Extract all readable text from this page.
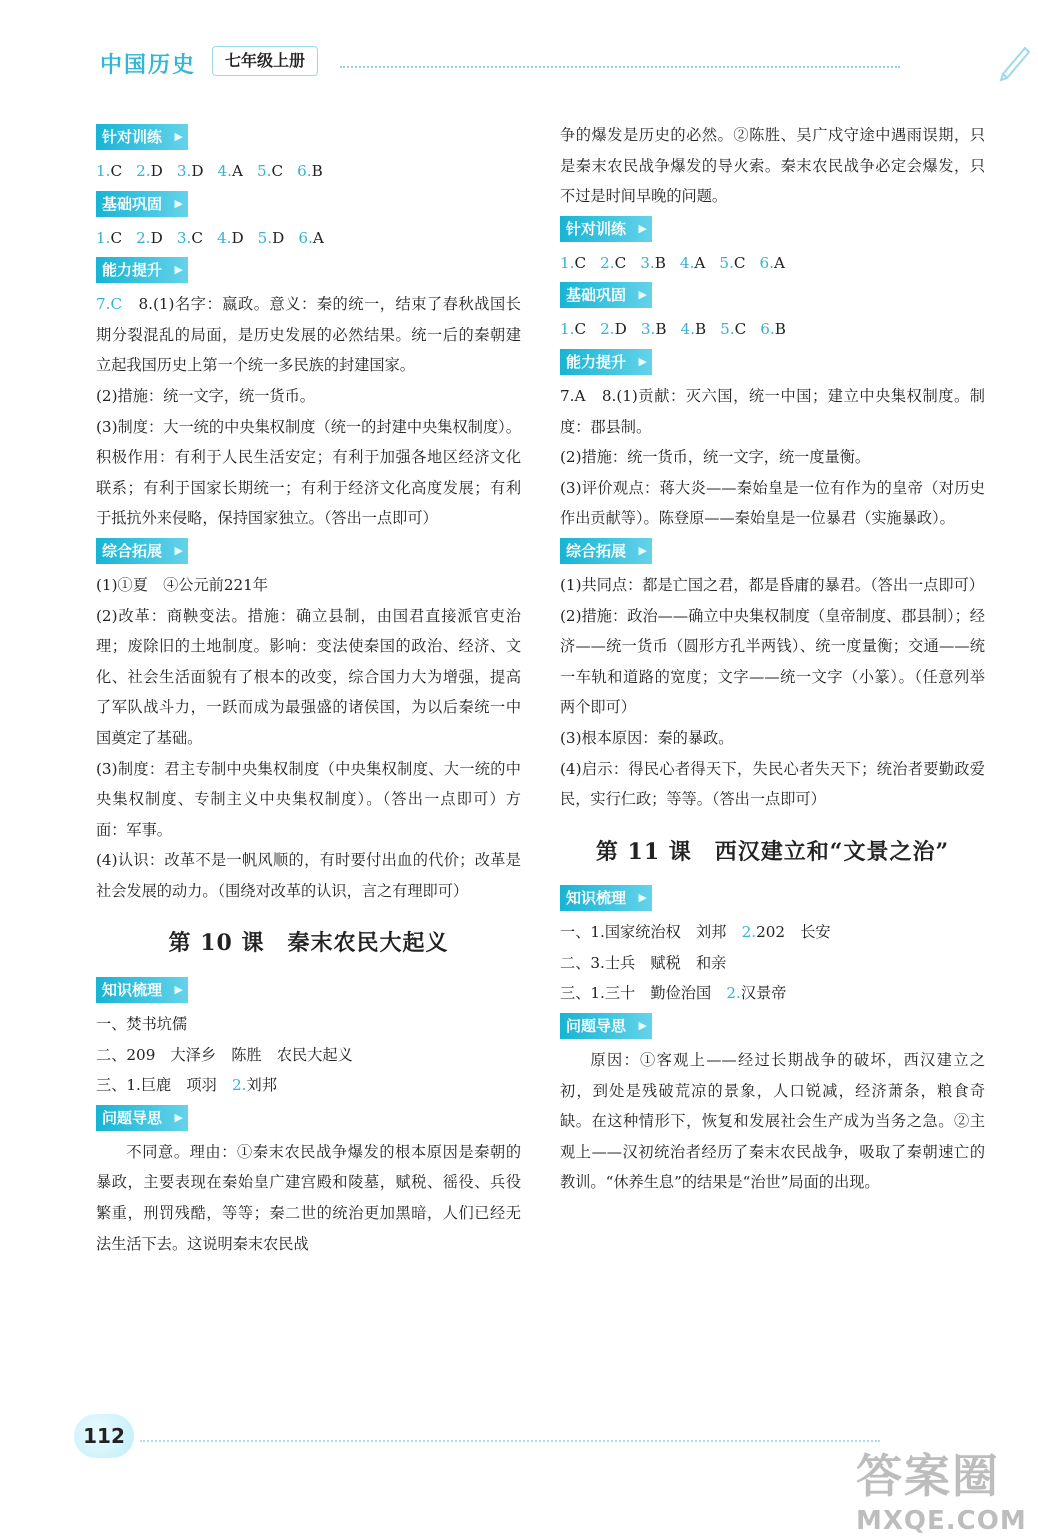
中国历史	七年级上册
针对训练 ▶
1.C 2.D 3.D 4.A 5.C 6.B
基础巩固 ▶
1.C 2.D 3.C 4.D 5.D 6.A
能力提升 ▶
7.C　 8.(1)名字：嬴政。意义：秦的统一，结束了春秋战国长期分裂混乱的局面，是历史发展的必然结果。统一后的秦朝建立起我国历史上第一个统一多民族的封建国家。
(2)措施：统一文字，统一货币。
(3)制度：大一统的中央集权制度（统一的封建中央集权制度）。积极作用：有利于人民生活安定；有利于加强各地区经济文化联系；有利于国家长期统一；有利于经济文化高度发展；有利于抵抗外来侵略，保持国家独立。（答出一点即可）
综合拓展 ▶
(1)①夏　④公元前221年
(2)改革：商鞅变法。措施：确立县制，由国君直接派官吏治理；废除旧的土地制度。影响：变法使秦国的政治、经济、文化、社会生活面貌有了根本的改变，综合国力大为增强，提高了军队战斗力，一跃而成为最强盛的诸侯国，为以后秦统一中国奠定了基础。
(3)制度：君主专制中央集权制度（中央集权制度、大一统的中央集权制度、专制主义中央集权制度）。（答出一点即可）方面：军事。
(4)认识：改革不是一帆风顺的，有时要付出血的代价；改革是社会发展的动力。（围绕对改革的认识，言之有理即可）
第 10 课　秦末农民大起义
知识梳理 ▶
一、焚书坑儒
二、209　大泽乡　陈胜　农民大起义
三、1.巨鹿　项羽　 2.刘邦
问题导思 ▶
不同意。理由：①秦末农民战争爆发的根本原因是秦朝的暴政，主要表现在秦始皇广建宫殿和陵墓，赋税、徭役、兵役繁重，刑罚残酷，等等；秦二世的统治更加黑暗，人们已经无法生活下去。这说明秦末农民战
争的爆发是历史的必然。②陈胜、吴广戍守途中遇雨误期，只是秦末农民战争爆发的导火索。秦末农民战争必定会爆发，只不过是时间早晚的问题。
针对训练 ▶
1.C 2.C 3.B 4.A 5.C 6.A
基础巩固 ▶
1.C 2.D 3.B 4.B 5.C 6.B
能力提升 ▶
7.A　8.(1)贡献：灭六国，统一中国；建立中央集权制度。制度：郡县制。
(2)措施：统一货币，统一文字，统一度量衡。
(3)评价观点：蒋大炎——秦始皇是一位有作为的皇帝（对历史作出贡献等）。陈登原——秦始皇是一位暴君（实施暴政）。
综合拓展 ▶
(1)共同点：都是亡国之君，都是昏庸的暴君。（答出一点即可）
(2)措施：政治——确立中央集权制度（皇帝制度、郡县制）；经济——统一货币（圆形方孔半两钱）、统一度量衡；交通——统一车轨和道路的宽度；文字——统一文字（小篆）。（任意列举两个即可）
(3)根本原因：秦的暴政。
(4)启示：得民心者得天下，失民心者失天下；统治者要勤政爱民，实行仁政；等等。（答出一点即可）
第 11 课　西汉建立和“文景之治”
知识梳理 ▶
一、1.国家统治权　刘邦　 2.202　长安
二、3.士兵　赋税　和亲
三、1.三十　勤俭治国　 2.汉景帝
问题导思 ▶
原因：①客观上——经过长期战争的破坏，西汉建立之初，到处是残破荒凉的景象，人口锐减，经济萧条，粮食奇缺。在这种情形下，恢复和发展社会生产成为当务之急。②主观上——汉初统治者经历了秦末农民战争，吸取了秦朝速亡的教训。“休养生息”的结果是“治世”局面的出现。
112
答案圈
MXQE.COM
